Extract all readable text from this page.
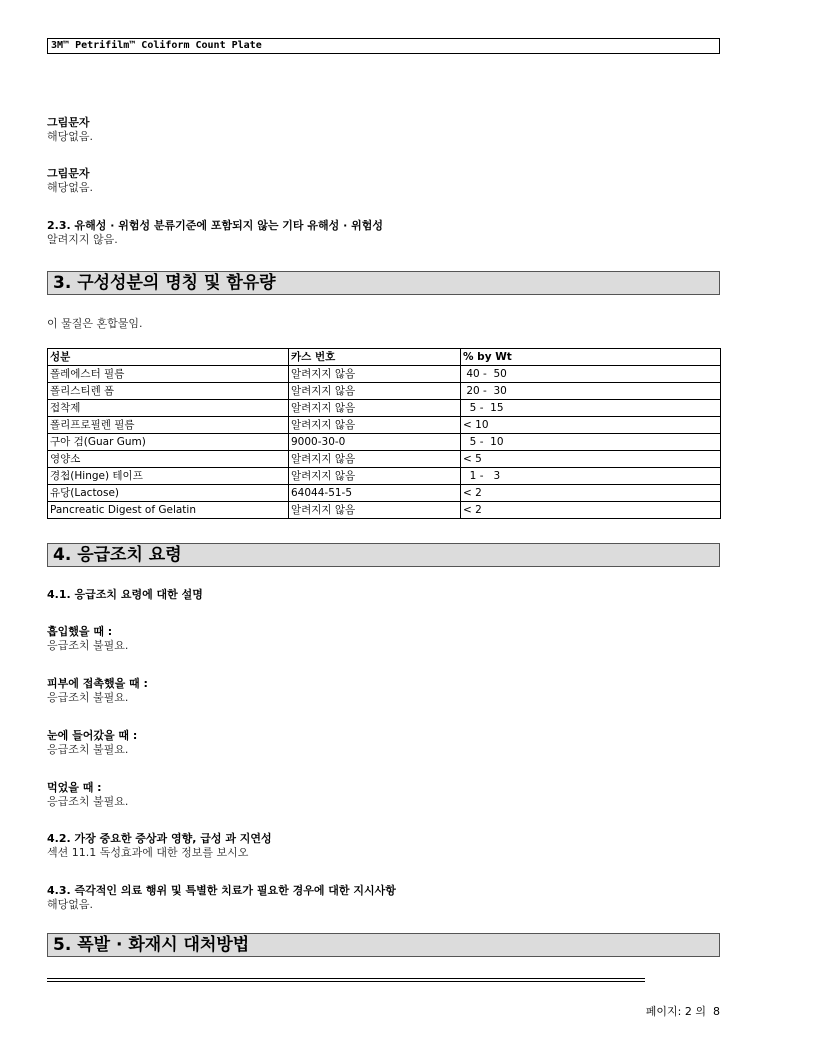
3M™ Petrifilm™ Coliform Count Plate
그림문자
해당없음.
그림문자
해당없음.
2.3. 유해성 · 위험성 분류기준에 포함되지 않는 기타 유해성 · 위험성
알려지지 않음.
3. 구성성분의 명칭 및 함유량
이 물질은 혼합물임.
성분	카스 번호	% by Wt
폴레에스터 필름	알려지지 않음	40 -  50
폴리스티렌 폼	알려지지 않음	20 -  30
접착제	알려지지 않음	5 -  15
폴리프로필렌 필름	알려지지 않음	< 10
구아 검(Guar Gum)	9000-30-0	5 -  10
영양소	알려지지 않음	< 5
경첩(Hinge) 테이프	알려지지 않음	1 -   3
유당(Lactose)	64044-51-5	< 2
Pancreatic Digest of Gelatin	알려지지 않음	< 2
4. 응급조치 요령
4.1. 응급조치 요령에 대한 설명
흡입했을 때 :
응급조치 불필요.
피부에 접촉했을 때 :
응급조치 불필요.
눈에 들어갔을 때 :
응급조치 불필요.
먹었을 때 :
응급조치 불필요.
4.2. 가장 중요한 증상과 영향, 급성 과 지연성
섹션 11.1 독성효과에 대한 정보를 보시오
4.3. 즉각적인 의료 행위 및 특별한 치료가 필요한 경우에 대한 지시사항
해당없음.
5. 폭발 · 화재시 대처방법
페이지: 2 의  8
